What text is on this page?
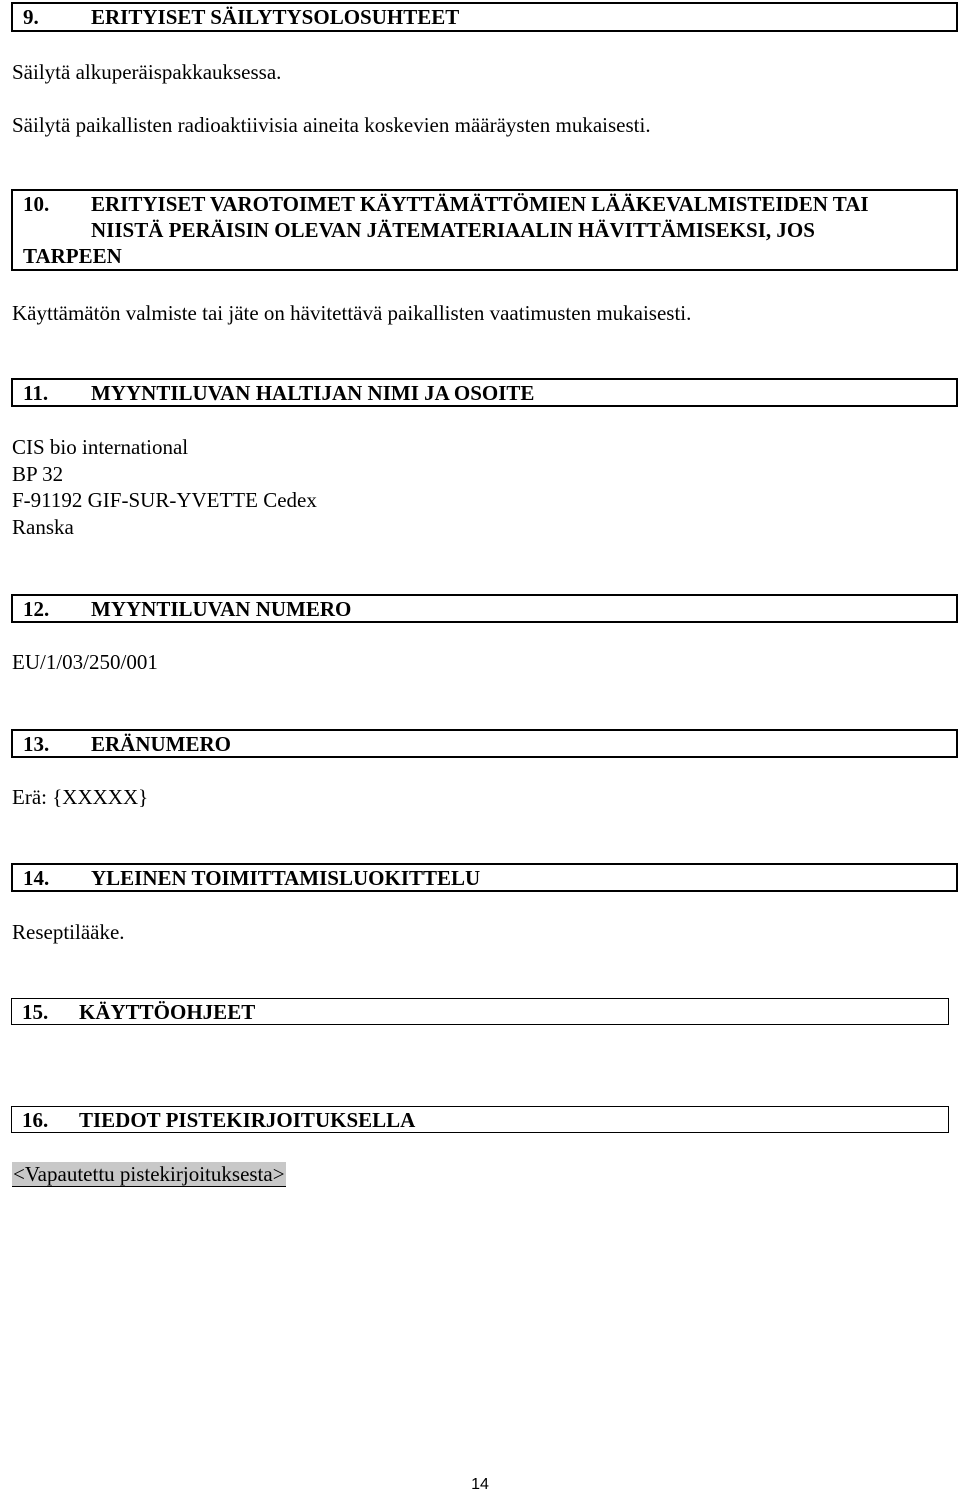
9.	ERITYISET SÄILYTYSOLOSUHTEET
Säilytä alkuperäispakkauksessa.
Säilytä paikallisten radioaktiivisia aineita koskevien määräysten mukaisesti.
10.	ERITYISET VAROTOIMET KÄYTTÄMÄTTÖMIEN LÄÄKEVALMISTEIDEN TAI
NIISTÄ PERÄISIN OLEVAN JÄTEMATERIAALIN HÄVITTÄMISEKSI, JOS
TARPEEN
Käyttämätön valmiste tai jäte on hävitettävä paikallisten vaatimusten mukaisesti.
11.	MYYNTILUVAN HALTIJAN NIMI JA OSOITE
CIS bio international
BP 32
F-91192 GIF-SUR-YVETTE Cedex
Ranska
12.	MYYNTILUVAN NUMERO
EU/1/03/250/001
13.	ERÄNUMERO
Erä: {XXXXX}
14.	YLEINEN TOIMITTAMISLUOKITTELU
Reseptilääke.
15.	KÄYTTÖOHJEET
16.	TIEDOT PISTEKIRJOITUKSELLA
<Vapautettu pistekirjoituksesta>
14
